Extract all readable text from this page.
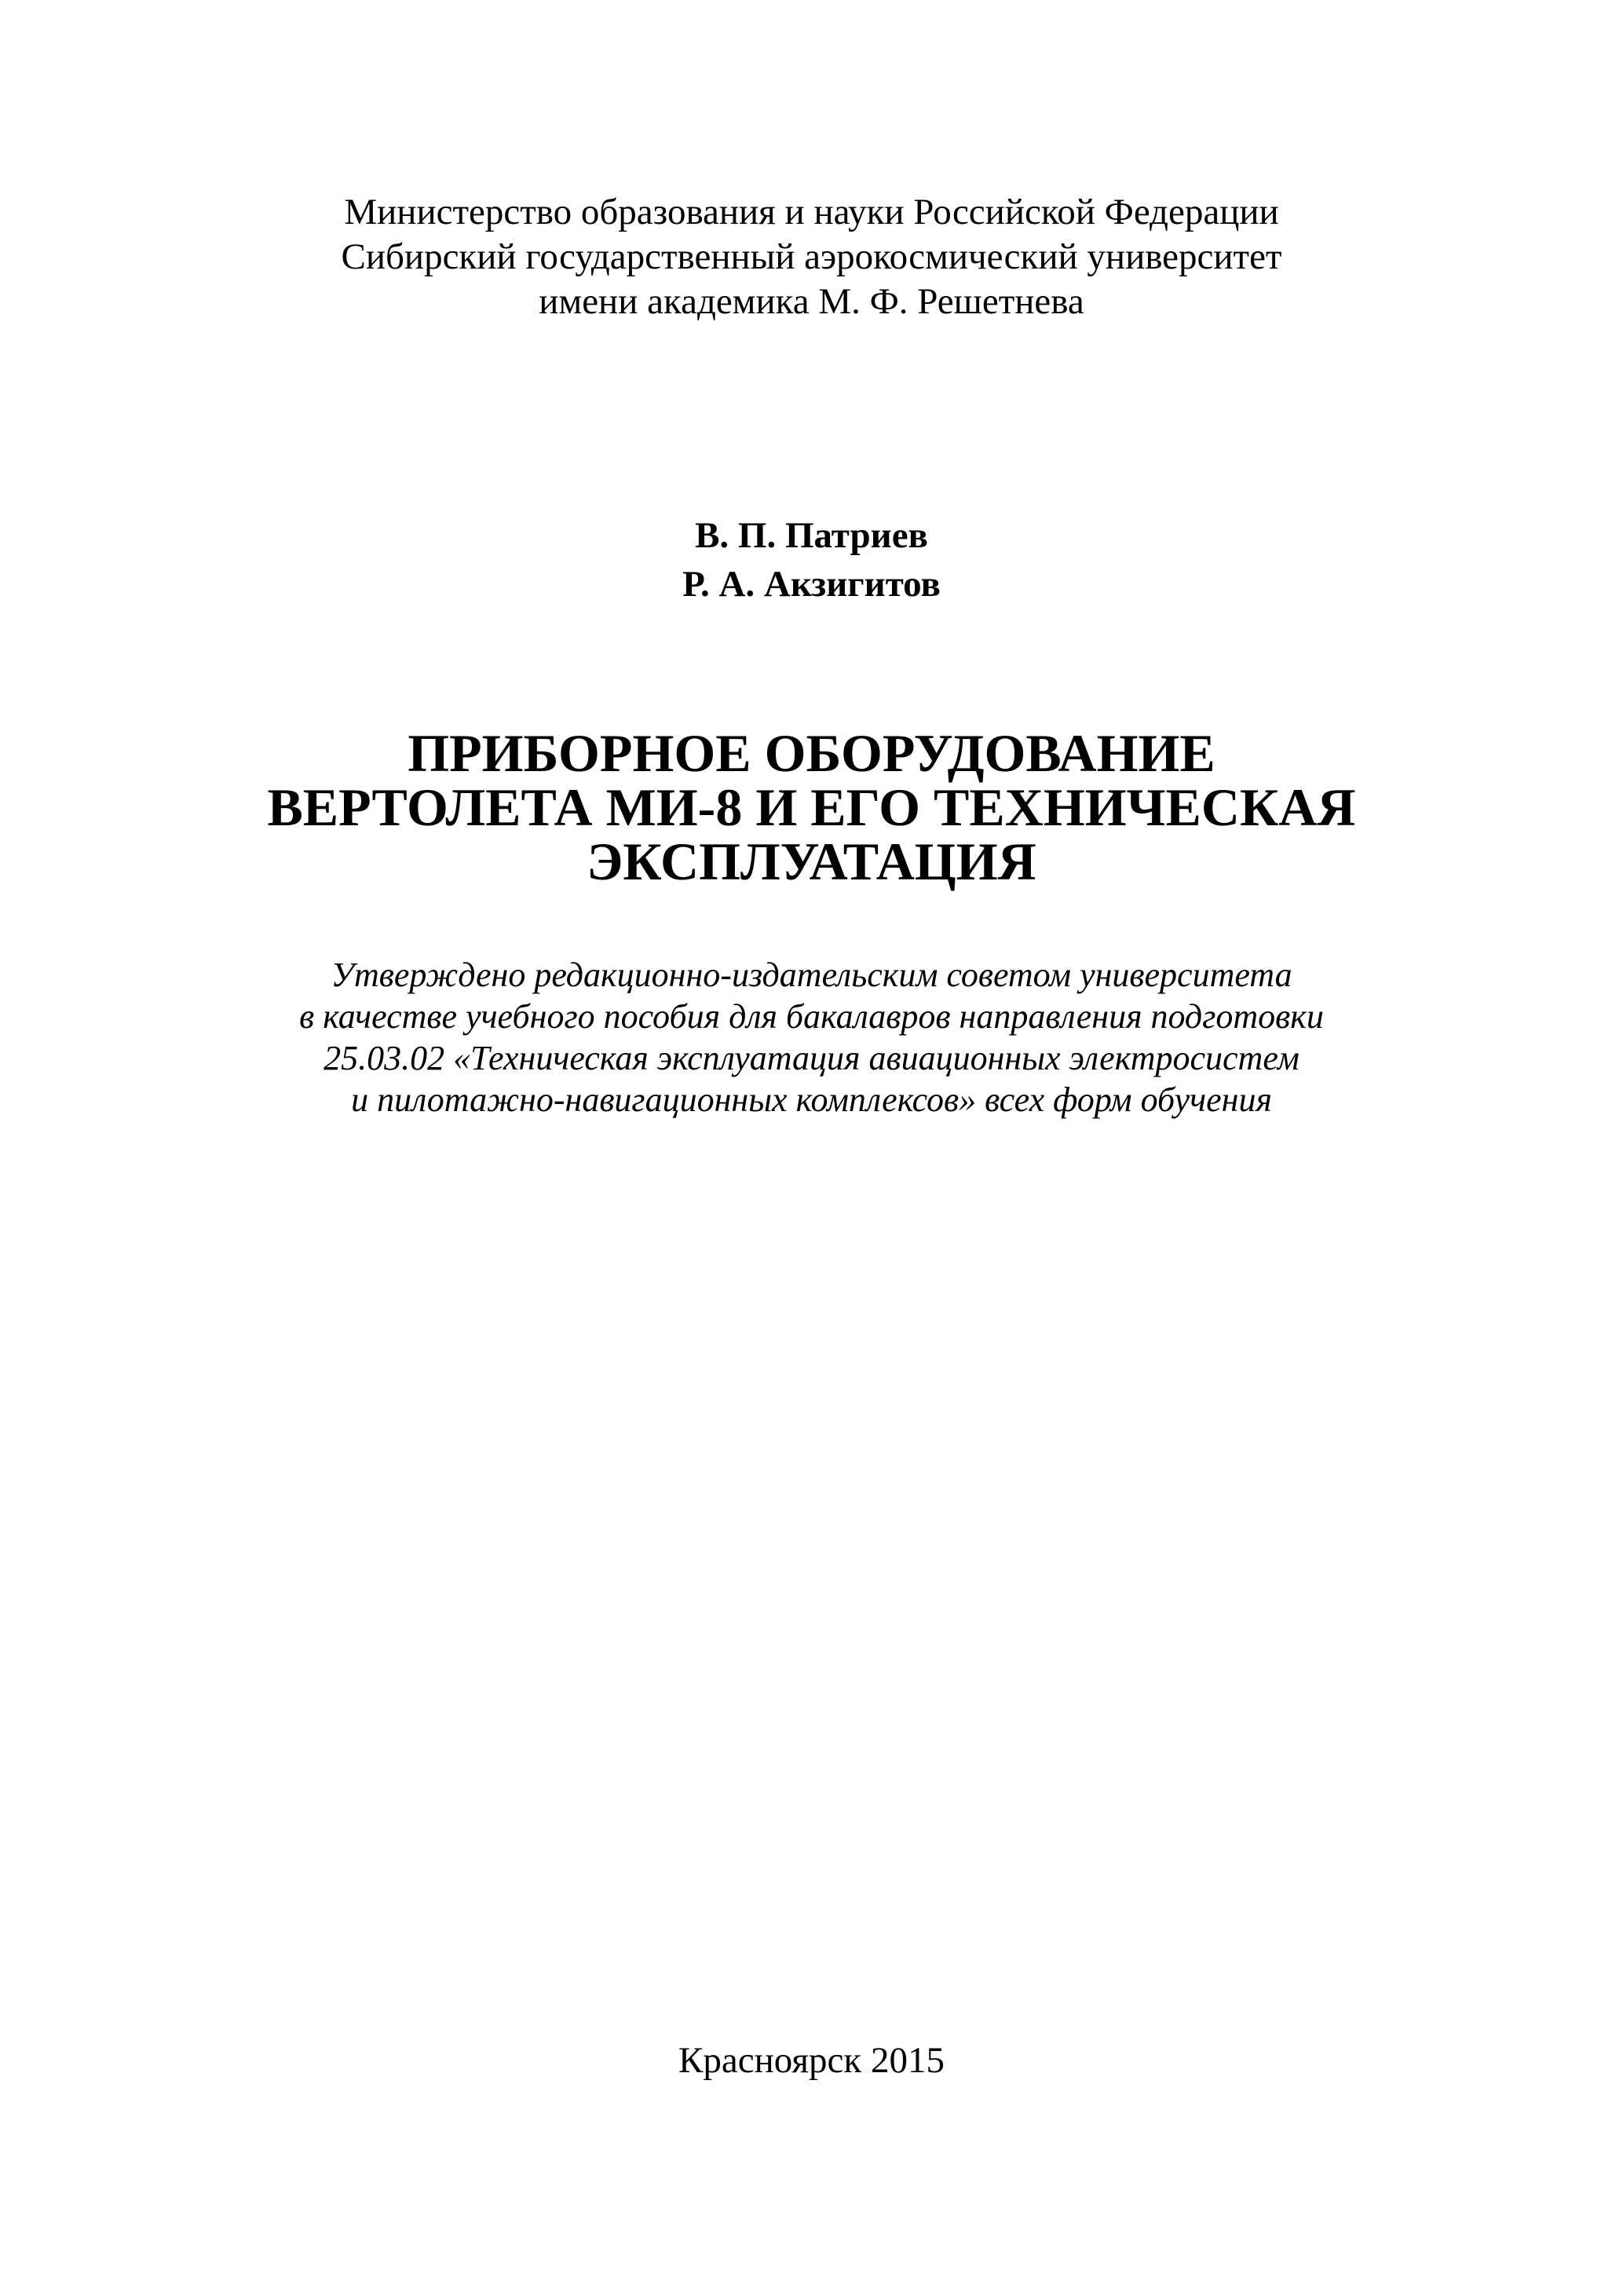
Министерство образования и науки Российской Федерации
Сибирский государственный аэрокосмический университет
имени академика М. Ф. Решетнева
В. П. Патриев
Р. А. Акзигитов
ПРИБОРНОЕ ОБОРУДОВАНИЕ
ВЕРТОЛЕТА МИ-8 И ЕГО ТЕХНИЧЕСКАЯ
ЭКСПЛУАТАЦИЯ
Утверждено редакционно-издательским советом университета
в качестве учебного пособия для бакалавров направления подготовки
25.03.02 «Техническая эксплуатация авиационных электросистем
и пилотажно-навигационных комплексов» всех форм обучения
Красноярск 2015
